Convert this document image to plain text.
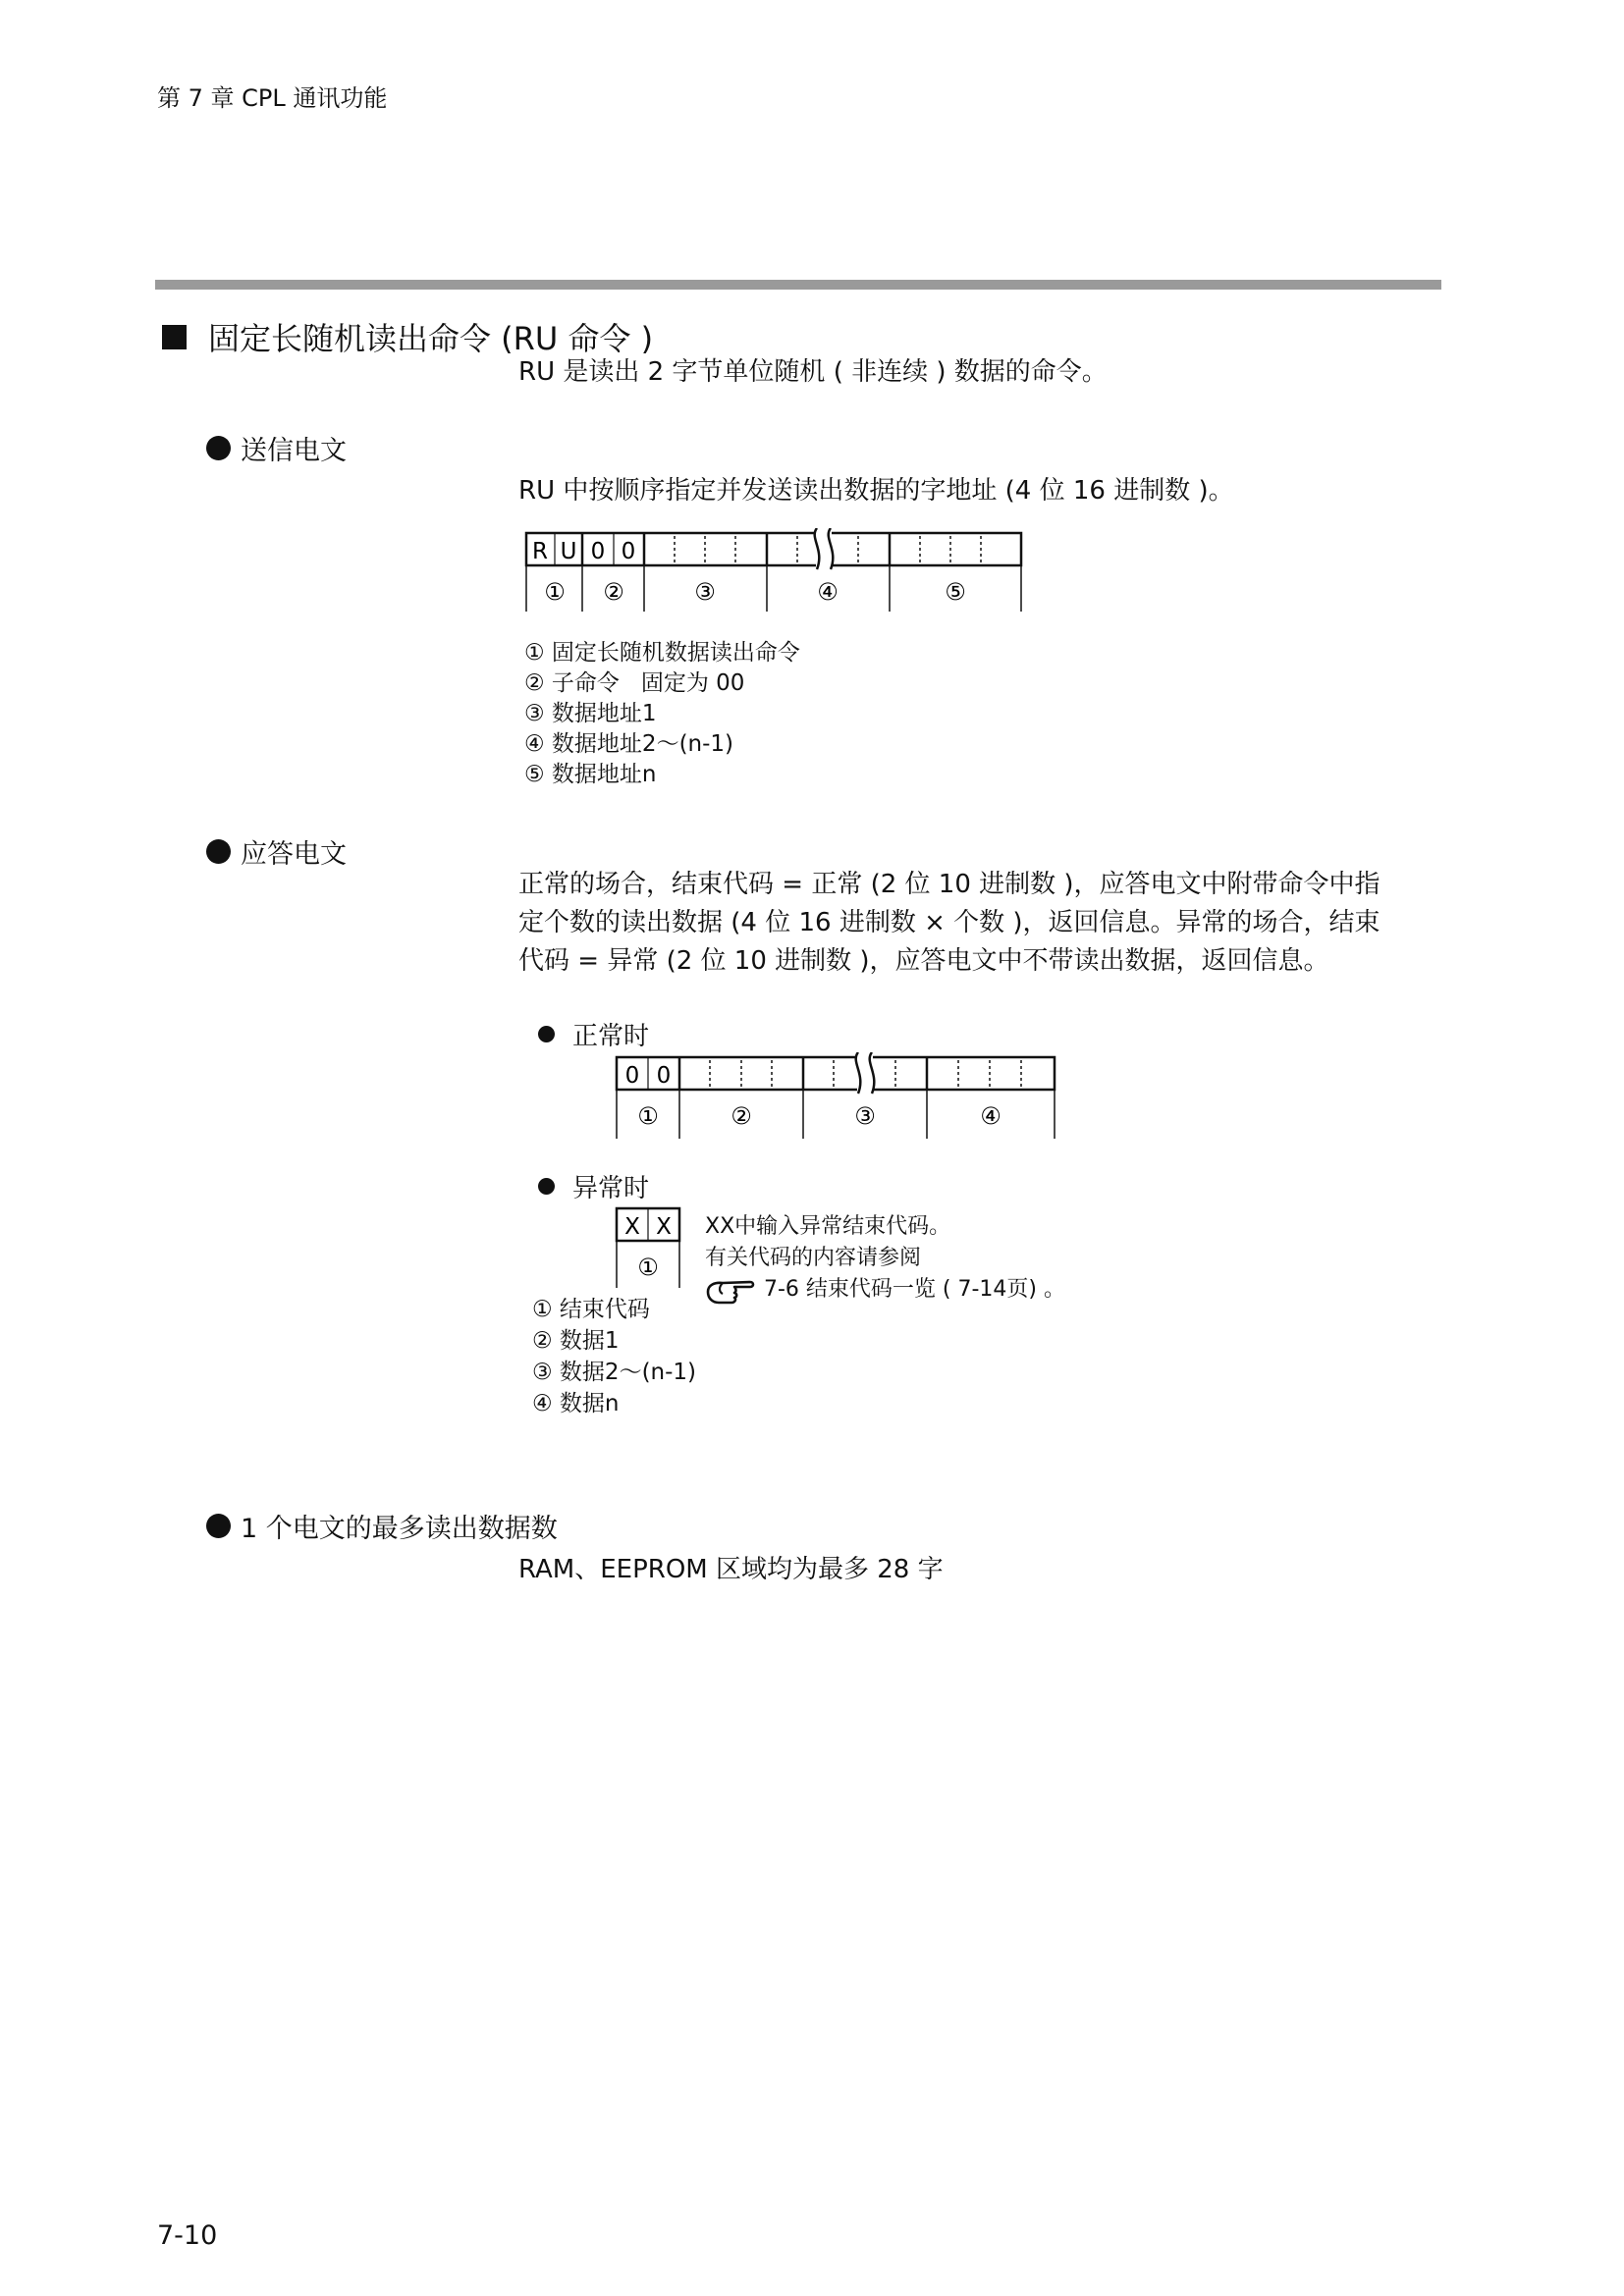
第 7 章 CPL 通讯功能
固定长随机读出命令 (RU 命令 )
RU 是读出 2 字节单位随机 ( 非连续 ) 数据的命令。
送信电文
RU 中按顺序指定并发送读出数据的字地址 (4 位 16 进制数 )。
R U 0 0
① ②	③	④	⑤
① 固定长随机数据读出命令
② 子命令   固定为 00
③ 数据地址1
④ 数据地址2～(n-1)
⑤ 数据地址n
应答电文
正常的场合，结束代码 = 正常 (2 位 10 进制数 )，应答电文中附带命令中指
定个数的读出数据 (4 位 16 进制数 × 个数 )，返回信息。异常的场合，结束
代码 = 异常 (2 位 10 进制数 )，应答电文中不带读出数据，返回信息。
正常时
0 0
①	②	③	④
异常时
X X
①
XX中输入异常结束代码。
有关代码的内容请参阅
7-6 结束代码一览 ( 7-14页) 。
① 结束代码
② 数据1
③ 数据2～(n-1)
④ 数据n
1 个电文的最多读出数据数
RAM、EEPROM 区域均为最多 28 字
7-10
